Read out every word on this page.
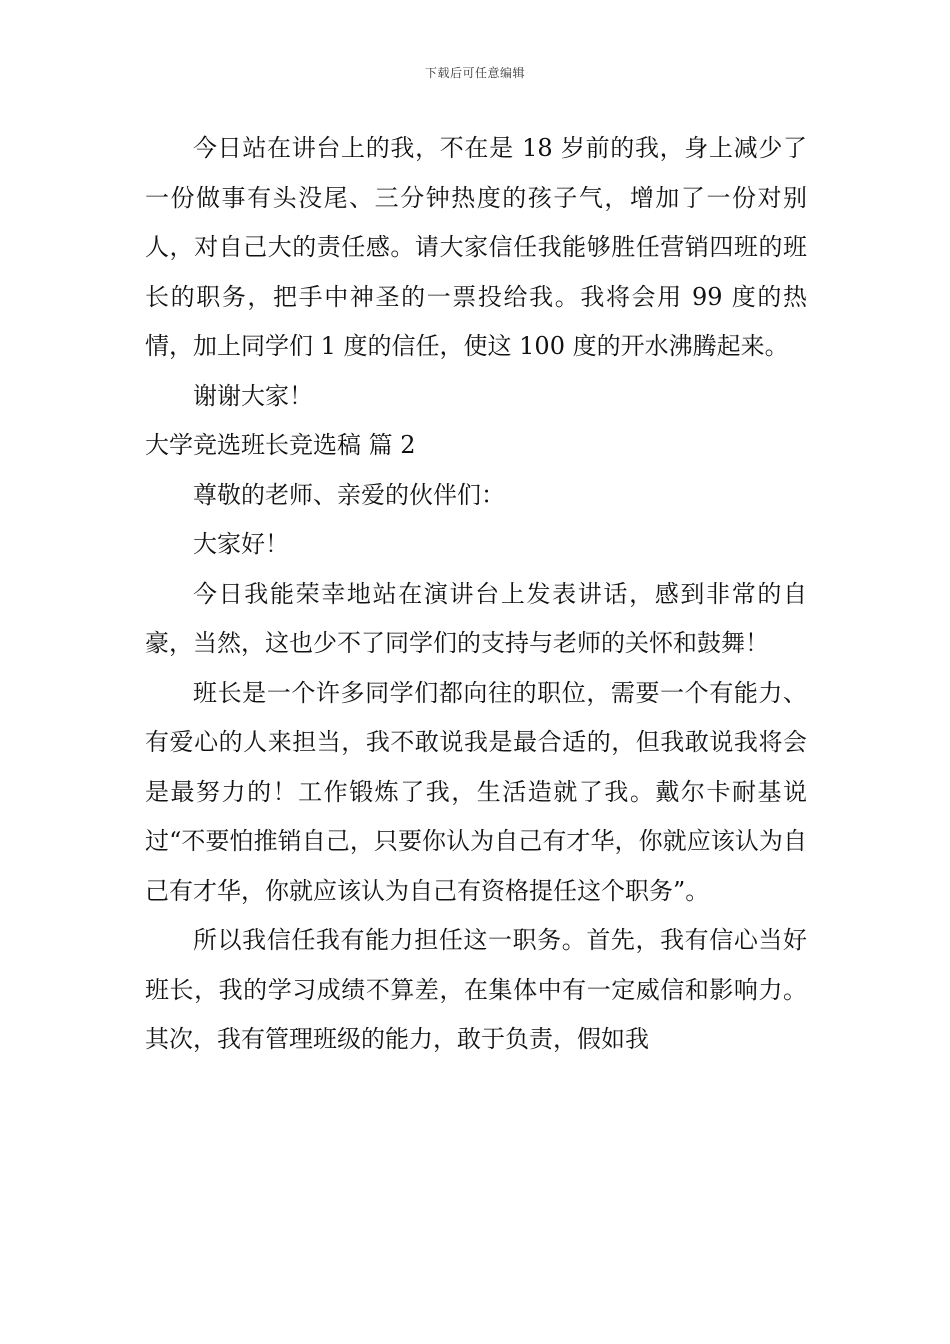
下载后可任意编辑

今日站在讲台上的我，不在是 18 岁前的我，身上减少了一份做事有头没尾、三分钟热度的孩子气，增加了一份对别人，对自己大的责任感。请大家信任我能够胜任营销四班的班长的职务，把手中神圣的一票投给我。我将会用 99 度的热情，加上同学们 1 度的信任，使这 100 度的开水沸腾起来。

谢谢大家！

大学竞选班长竞选稿 篇 2

尊敬的老师、亲爱的伙伴们：

大家好！

今日我能荣幸地站在演讲台上发表讲话，感到非常的自豪，当然，这也少不了同学们的支持与老师的关怀和鼓舞！

班长是一个许多同学们都向往的职位，需要一个有能力、有爱心的人来担当，我不敢说我是最合适的，但我敢说我将会是最努力的！工作锻炼了我，生活造就了我。戴尔卡耐基说过“不要怕推销自己，只要你认为自己有才华，你就应该认为自己有才华，你就应该认为自己有资格提任这个职务”。

所以我信任我有能力担任这一职务。首先，我有信心当好班长，我的学习成绩不算差，在集体中有一定威信和影响力。其次，我有管理班级的能力，敢于负责，假如我
